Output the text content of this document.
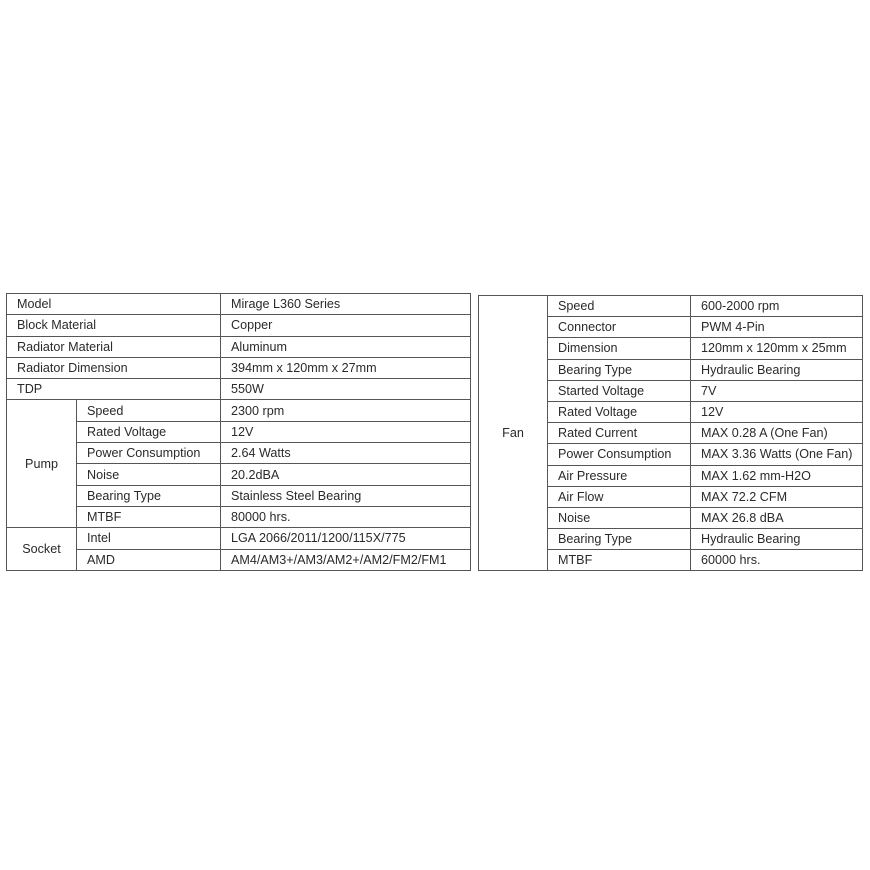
Model		Mirage L360 Series
Block Material		Copper
Radiator Material		Aluminum
Radiator Dimension		394mm x 120mm x 27mm
TDP		550W
Pump	Speed	2300 rpm
	Rated Voltage	12V
	Power Consumption	2.64 Watts
	Noise	20.2dBA
	Bearing Type	Stainless Steel Bearing
	MTBF	80000 hrs.
Socket	Intel	LGA 2066/2011/1200/115X/775
	AMD	AM4/AM3+/AM3/AM2+/AM2/FM2/FM1
Fan	Speed	600-2000 rpm
	Connector	PWM 4-Pin
	Dimension	120mm x 120mm x 25mm
	Bearing Type	Hydraulic Bearing
	Started Voltage	7V
	Rated Voltage	12V
	Rated Current	MAX 0.28 A (One Fan)
	Power Consumption	MAX 3.36 Watts (One Fan)
	Air Pressure	MAX 1.62 mm-H2O
	Air Flow	MAX 72.2 CFM
	Noise	MAX 26.8 dBA
	Bearing Type	Hydraulic Bearing
	MTBF	60000 hrs.
